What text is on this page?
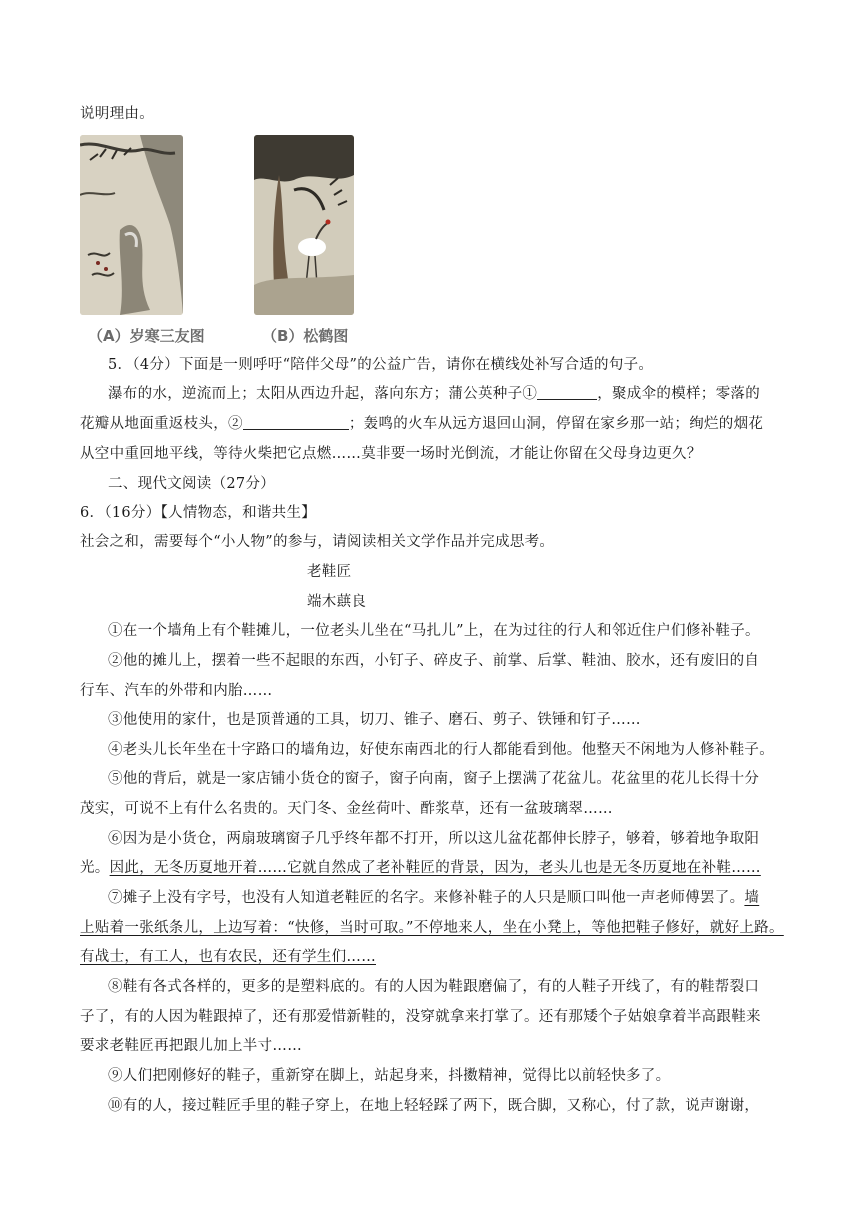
说明理由。
（A）岁寒三友图	（B）松鹤图
5．（4分）下面是一则呼吁“陪伴父母”的公益广告，请你在横线处补写合适的句子。
瀑布的水，逆流而上；太阳从西边升起，落向东方；蒲公英种子①	，聚成伞的模样；零落的
花瓣从地面重返枝头，②	；轰鸣的火车从远方退回山洞，停留在家乡那一站；绚烂的烟花
从空中重回地平线，等待火柴把它点燃……莫非要一场时光倒流，才能让你留在父母身边更久？
二、现代文阅读（27分）
6．（16分）【人情物态，和谐共生】
社会之和，需要每个“小人物”的参与，请阅读相关文学作品并完成思考。
老鞋匠
端木蕻良
①在一个墙角上有个鞋摊儿，一位老头儿坐在“马扎儿”上，在为过往的行人和邻近住户们修补鞋子。
②他的摊儿上，摆着一些不起眼的东西，小钉子、碎皮子、前掌、后掌、鞋油、胶水，还有废旧的自
行车、汽车的外带和内胎……
③他使用的家什，也是顶普通的工具，切刀、锥子、磨石、剪子、铁锤和钉子……
④老头儿长年坐在十字路口的墙角边，好使东南西北的行人都能看到他。他整天不闲地为人修补鞋子。
⑤他的背后，就是一家店铺小货仓的窗子，窗子向南，窗子上摆满了花盆儿。花盆里的花儿长得十分
茂实，可说不上有什么名贵的。天门冬、金丝荷叶、酢浆草，还有一盆玻璃翠……
⑥因为是小货仓，两扇玻璃窗子几乎终年都不打开，所以这儿盆花都伸长脖子，够着，够着地争取阳
光。因此，无冬历夏地开着……它就自然成了老补鞋匠的背景，因为，老头儿也是无冬历夏地在补鞋……
⑦摊子上没有字号，也没有人知道老鞋匠的名字。来修补鞋子的人只是顺口叫他一声老师傅罢了。墙
上贴着一张纸条儿，上边写着：“快修，当时可取。”不停地来人，坐在小凳上，等他把鞋子修好，就好上路。
有战士，有工人，也有农民，还有学生们……
⑧鞋有各式各样的，更多的是塑料底的。有的人因为鞋跟磨偏了，有的人鞋子开线了，有的鞋帮裂口
子了，有的人因为鞋跟掉了，还有那爱惜新鞋的，没穿就拿来打掌了。还有那矮个子姑娘拿着半高跟鞋来
要求老鞋匠再把跟儿加上半寸……
⑨人们把刚修好的鞋子，重新穿在脚上，站起身来，抖擞精神，觉得比以前轻快多了。
⑩有的人，接过鞋匠手里的鞋子穿上，在地上轻轻踩了两下，既合脚，又称心，付了款，说声谢谢，
